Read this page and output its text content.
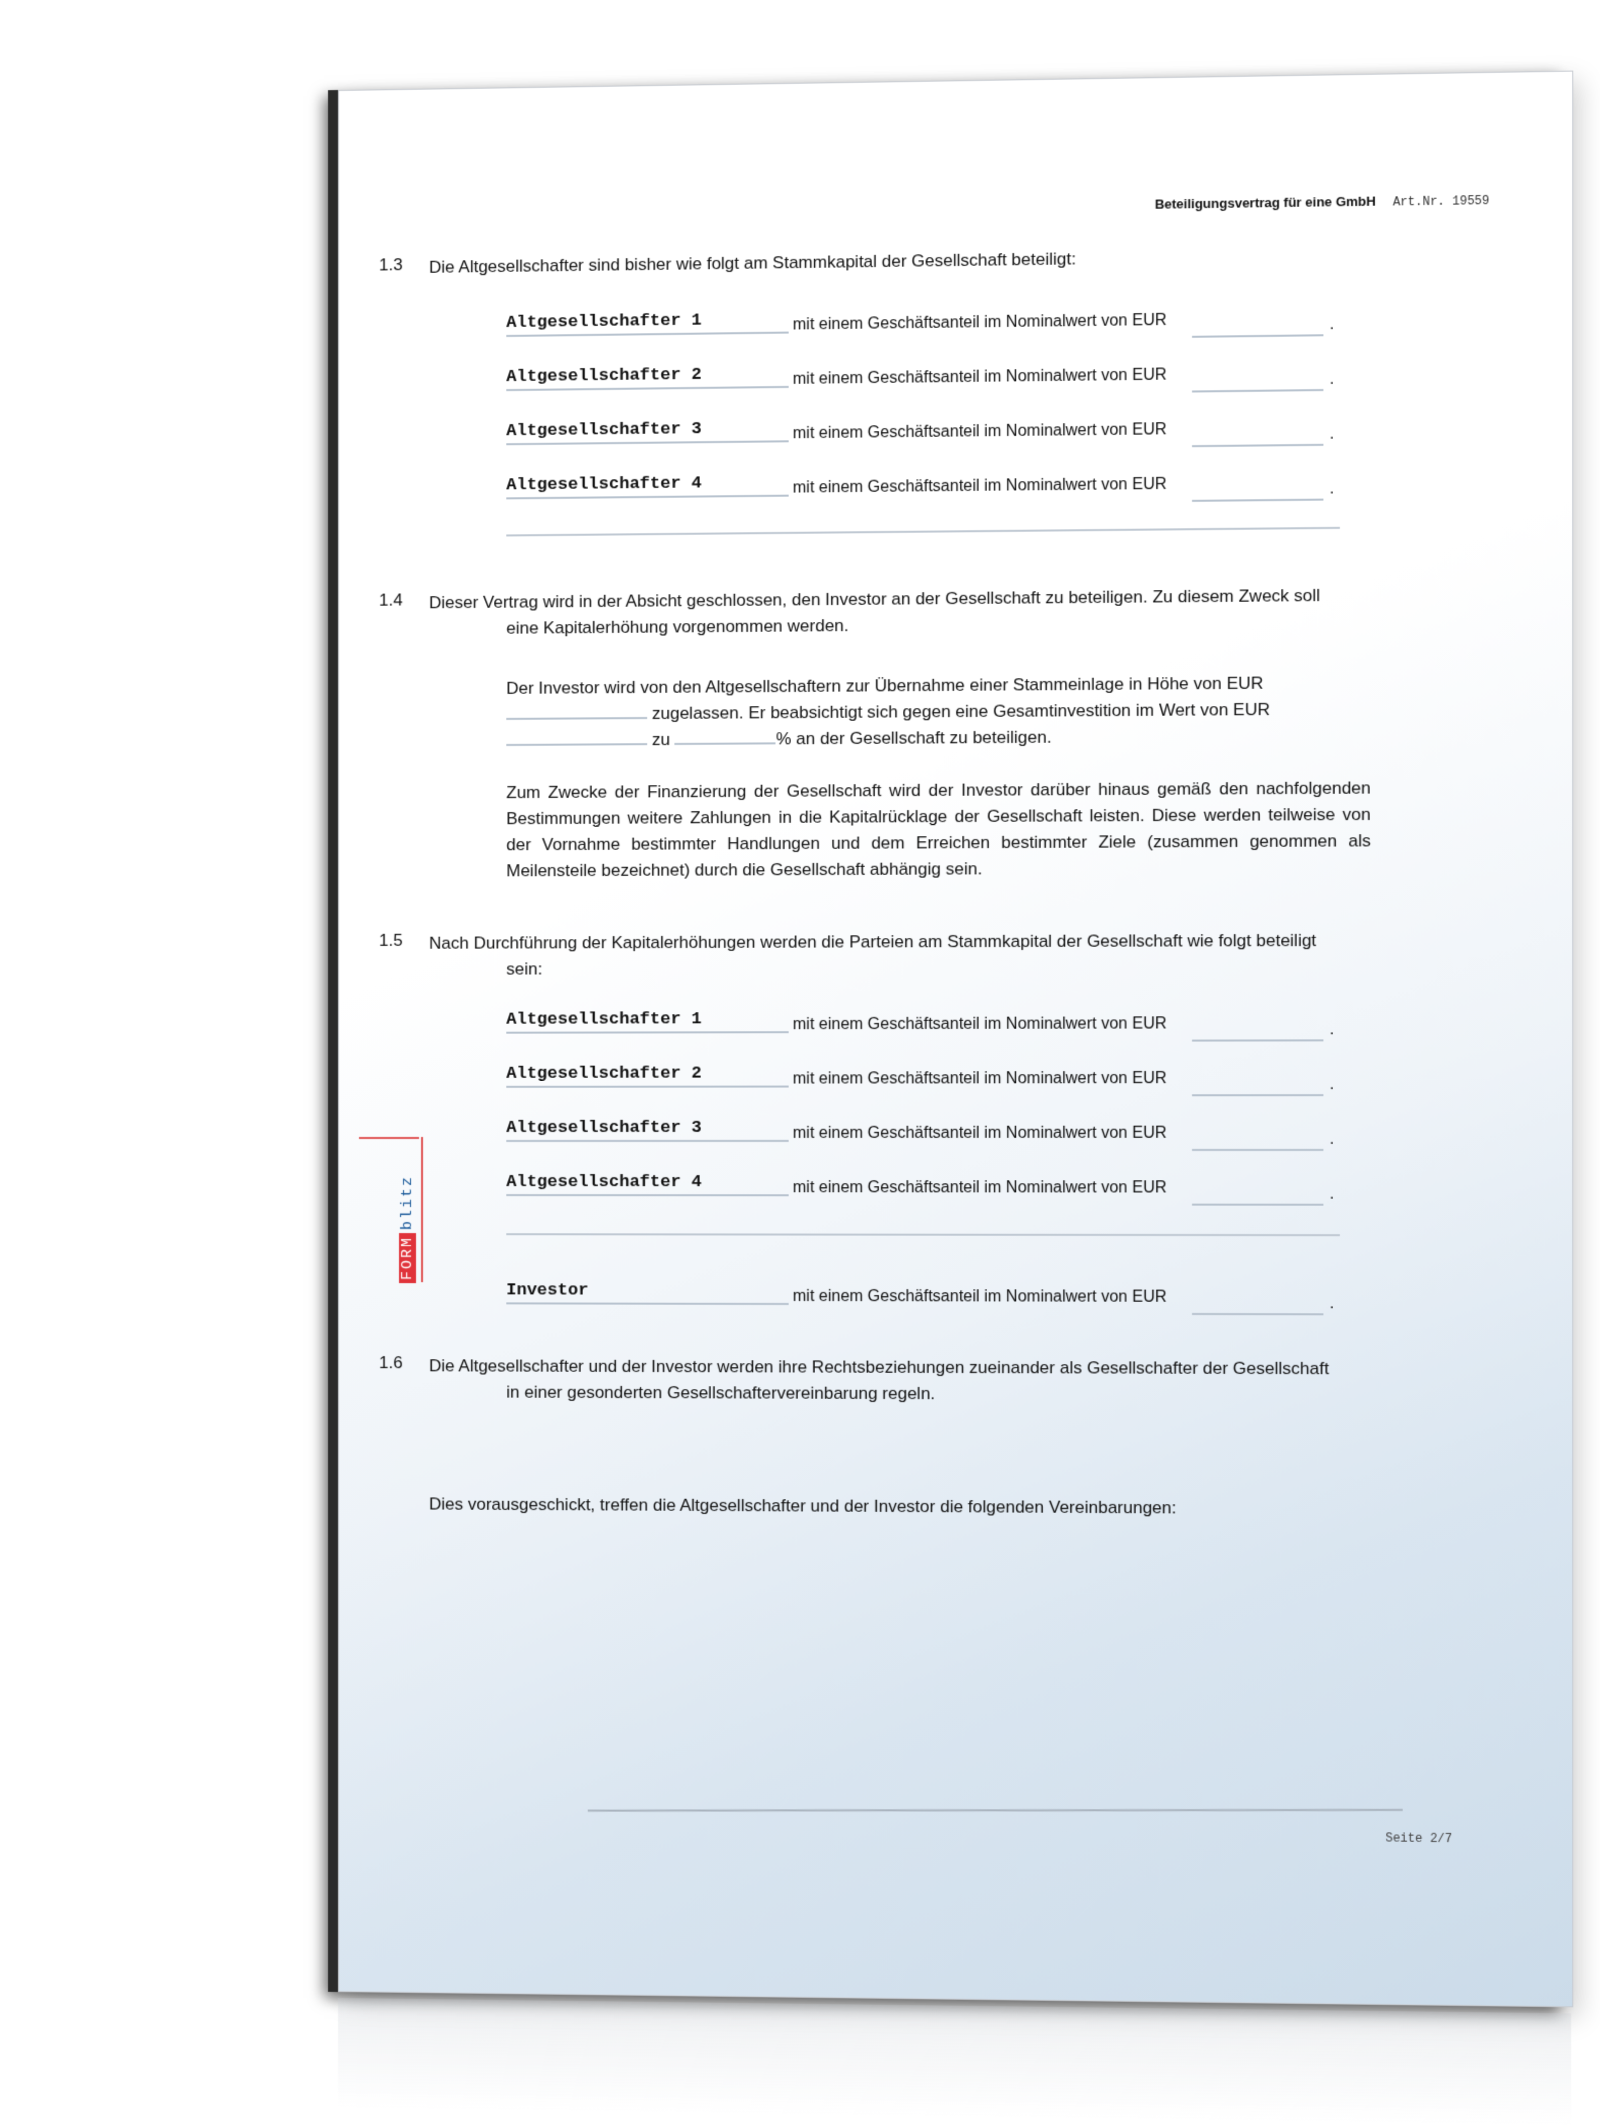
Beteiligungsvertrag für eine GmbH Art.Nr. 19559
1.3 Die Altgesellschafter sind bisher wie folgt am Stammkapital der Gesellschaft beteiligt:
Altgesellschafter 1	mit einem Geschäftsanteil im Nominalwert von EUR	.
Altgesellschafter 2	mit einem Geschäftsanteil im Nominalwert von EUR	.
Altgesellschafter 3	mit einem Geschäftsanteil im Nominalwert von EUR	.
Altgesellschafter 4	mit einem Geschäftsanteil im Nominalwert von EUR	.
1.4 Dieser Vertrag wird in der Absicht geschlossen, den Investor an der Gesellschaft zu beteiligen. Zu diesem Zweck soll
eine Kapitalerhöhung vorgenommen werden.
Der Investor wird von den Altgesellschaftern zur Übernahme einer Stammeinlage in Höhe von EUR
zugelassen. Er beabsichtigt sich gegen eine Gesamtinvestition im Wert von EUR
zu	% an der Gesellschaft zu beteiligen.
Zum Zwecke der Finanzierung der Gesellschaft wird der Investor darüber hinaus gemäß den nachfolgenden Bestimmungen weitere Zahlungen in die Kapitalrücklage der Gesellschaft leisten. Diese werden teilweise von der Vornahme bestimmter Handlungen und dem Erreichen bestimmter Ziele (zusammen genommen als Meilensteile bezeichnet) durch die Gesellschaft abhängig sein.
1.5 Nach Durchführung der Kapitalerhöhungen werden die Parteien am Stammkapital der Gesellschaft wie folgt beteiligt
sein:
Altgesellschafter 1	mit einem Geschäftsanteil im Nominalwert von EUR	.
Altgesellschafter 2	mit einem Geschäftsanteil im Nominalwert von EUR	.
Altgesellschafter 3	mit einem Geschäftsanteil im Nominalwert von EUR	.
Altgesellschafter 4	mit einem Geschäftsanteil im Nominalwert von EUR	.
Investor	mit einem Geschäftsanteil im Nominalwert von EUR	.
1.6 Die Altgesellschafter und der Investor werden ihre Rechtsbeziehungen zueinander als Gesellschafter der Gesellschaft
in einer gesonderten Gesellschaftervereinbarung regeln.
Dies vorausgeschickt, treffen die Altgesellschafter und der Investor die folgenden Vereinbarungen:
Seite 2/7
FORMblitz
